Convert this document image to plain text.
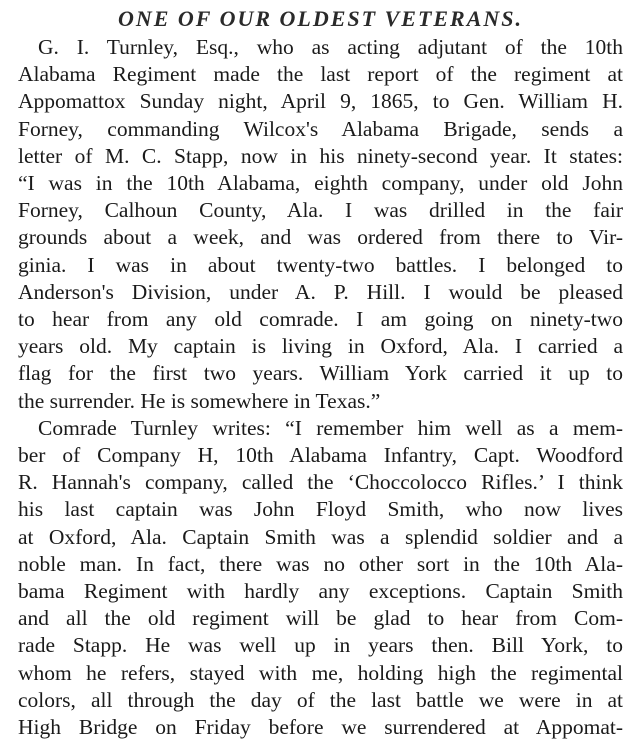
ONE OF OUR OLDEST VETERANS.
G. I. Turnley, Esq., who as acting adjutant of the 10th
Alabama Regiment made the last report of the regiment at
Appomattox Sunday night, April 9, 1865, to Gen. William H.
Forney, commanding Wilcox's Alabama Brigade, sends a
letter of M. C. Stapp, now in his ninety-second year. It states:
“I was in the 10th Alabama, eighth company, under old John
Forney, Calhoun County, Ala. I was drilled in the fair
grounds about a week, and was ordered from there to Vir-
ginia. I was in about twenty-two battles. I belonged to
Anderson's Division, under A. P. Hill. I would be pleased
to hear from any old comrade. I am going on ninety-two
years old. My captain is living in Oxford, Ala. I carried a
flag for the first two years. William York carried it up to
the surrender. He is somewhere in Texas.”
Comrade Turnley writes: “I remember him well as a mem-
ber of Company H, 10th Alabama Infantry, Capt. Woodford
R. Hannah's company, called the ‘Choccolocco Rifles.’ I think
his last captain was John Floyd Smith, who now lives
at Oxford, Ala. Captain Smith was a splendid soldier and a
noble man. In fact, there was no other sort in the 10th Ala-
bama Regiment with hardly any exceptions. Captain Smith
and all the old regiment will be glad to hear from Com-
rade Stapp. He was well up in years then. Bill York, to
whom he refers, stayed with me, holding high the regimental
colors, all through the day of the last battle we were in at
High Bridge on Friday before we surrendered at Appomat-
